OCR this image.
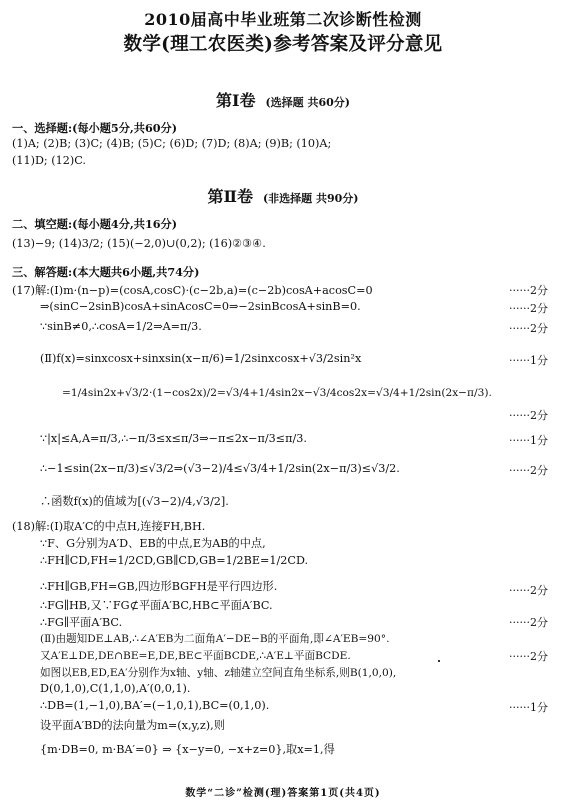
2010届高中毕业班第二次诊断性检测
数学(理工农医类)参考答案及评分意见
第Ⅰ卷 (选择题 共60分)
一、选择题:(每小题5分,共60分)
(1)A; (2)B; (3)C; (4)B; (5)C; (6)D; (7)D; (8)A; (9)B; (10)A;
(11)D; (12)C.
第Ⅱ卷 (非选择题 共90分)
二、填空题:(每小题4分,共16分)
(13)−9; (14)3/2; (15)(−2,0)∪(0,2); (16)②③④.
三、解答题:(本大题共6小题,共74分)
(17)解:(Ⅰ)m·(n−p)=(cosA,cosC)·(c−2b,a)=(c−2b)cosA+acosC=0	······2分
⇒(sinC−2sinB)cosA+sinAcosC=0⇒−2sinBcosA+sinB=0.	······2分
∵sinB≠0,∴cosA=1/2⇒A=π/3.	······2分
(Ⅱ)f(x)=sinxcosx+sinxsin(x−π/6)=1/2sinxcosx+√3/2sin²x	······1分
=1/4sin2x+√3/2·(1−cos2x)/2=√3/4+1/4sin2x−√3/4cos2x=√3/4+1/2sin(2x−π/3).
······2分
∵|x|≤A,A=π/3,∴−π/3≤x≤π/3⇒−π≤2x−π/3≤π/3.	······1分
∴−1≤sin(2x−π/3)≤√3/2⇒(√3−2)/4≤√3/4+1/2sin(2x−π/3)≤√3/2.	······2分
∴函数f(x)的值域为[(√3−2)/4,√3/2].
(18)解:(Ⅰ)取A′C的中点H,连接FH,BH.
∵F、G分别为A′D、EB的中点,E为AB的中点,
∴FH∥CD,FH=1/2CD,GB∥CD,GB=1/2BE=1/2CD.
∴FH∥GB,FH=GB,四边形BGFH是平行四边形.	······2分
∴FG∥HB,又∵FG⊄平面A′BC,HB⊂平面A′BC.
∴FG∥平面A′BC.	······2分
(Ⅱ)由题知DE⊥AB,∴∠A′EB为二面角A′−DE−B的平面角,即∠A′EB=90°.
又A′E⊥DE,DE∩BE=E,DE,BE⊂平面BCDE,∴A′E⊥平面BCDE.	······2分
如图以EB,ED,EA′分别作为x轴、y轴、z轴建立空间直角坐标系,则B(1,0,0),
D(0,1,0),C(1,1,0),A′(0,0,1).
∴DB=(1,−1,0),BA′=(−1,0,1),BC=(0,1,0).	······1分
设平面A′BD的法向量为m=(x,y,z),则
{m·DB=0, m·BA′=0} ⇒ {x−y=0, −x+z=0},取x=1,得
数学“二诊”检测(理)答案第1页(共4页)
